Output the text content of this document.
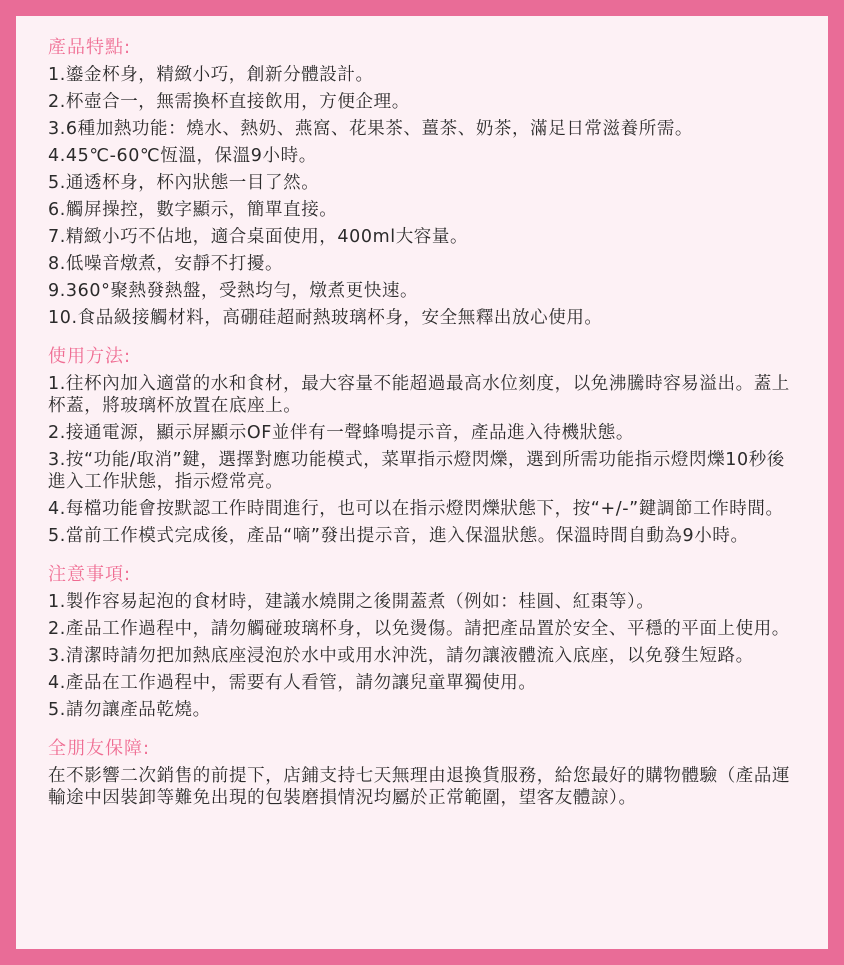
產品特點:
1.鎏金杯身，精緻小巧，創新分體設計。
2.杯壺合一，無需換杯直接飲用，方便企理。
3.6種加熱功能：燒水、熱奶、燕窩、花果茶、薑茶、奶茶，滿足日常滋養所需。
4.45℃-60℃恆溫，保溫9小時。
5.通透杯身，杯內狀態一目了然。
6.觸屏操控，數字顯示，簡單直接。
7.精緻小巧不佔地，適合桌面使用，400ml大容量。
8.低噪音燉煮，安靜不打擾。
9.360°聚熱發熱盤，受熱均勻，燉煮更快速。
10.食品級接觸材料，高硼硅超耐熱玻璃杯身，安全無釋出放心使用。
使用方法:
1.往杯內加入適當的水和食材，最大容量不能超過最高水位刻度，以免沸騰時容易溢出。蓋上杯蓋，將玻璃杯放置在底座上。
2.接通電源，顯示屏顯示OF並伴有一聲蜂鳴提示音，產品進入待機狀態。
3.按“功能/取消”鍵，選擇對應功能模式，菜單指示燈閃爍，選到所需功能指示燈閃爍10秒後進入工作狀態，指示燈常亮。
4.每檔功能會按默認工作時間進行，也可以在指示燈閃爍狀態下，按“+/-”鍵調節工作時間。
5.當前工作模式完成後，產品“嘀”發出提示音，進入保溫狀態。保溫時間自動為9小時。
注意事項:
1.製作容易起泡的食材時，建議水燒開之後開蓋煮（例如：桂圓、紅棗等）。
2.產品工作過程中，請勿觸碰玻璃杯身，以免燙傷。請把產品置於安全、平穩的平面上使用。
3.清潔時請勿把加熱底座浸泡於水中或用水沖洗，請勿讓液體流入底座，以免發生短路。
4.產品在工作過程中，需要有人看管，請勿讓兒童單獨使用。
5.請勿讓產品乾燒。
全朋友保障:

在不影響二次銷售的前提下，店鋪支持七天無理由退換貨服務，給您最好的購物體驗（產品運輸途中因裝卸等難免出現的包裝磨損情況均屬於正常範圍，望客友體諒）。
